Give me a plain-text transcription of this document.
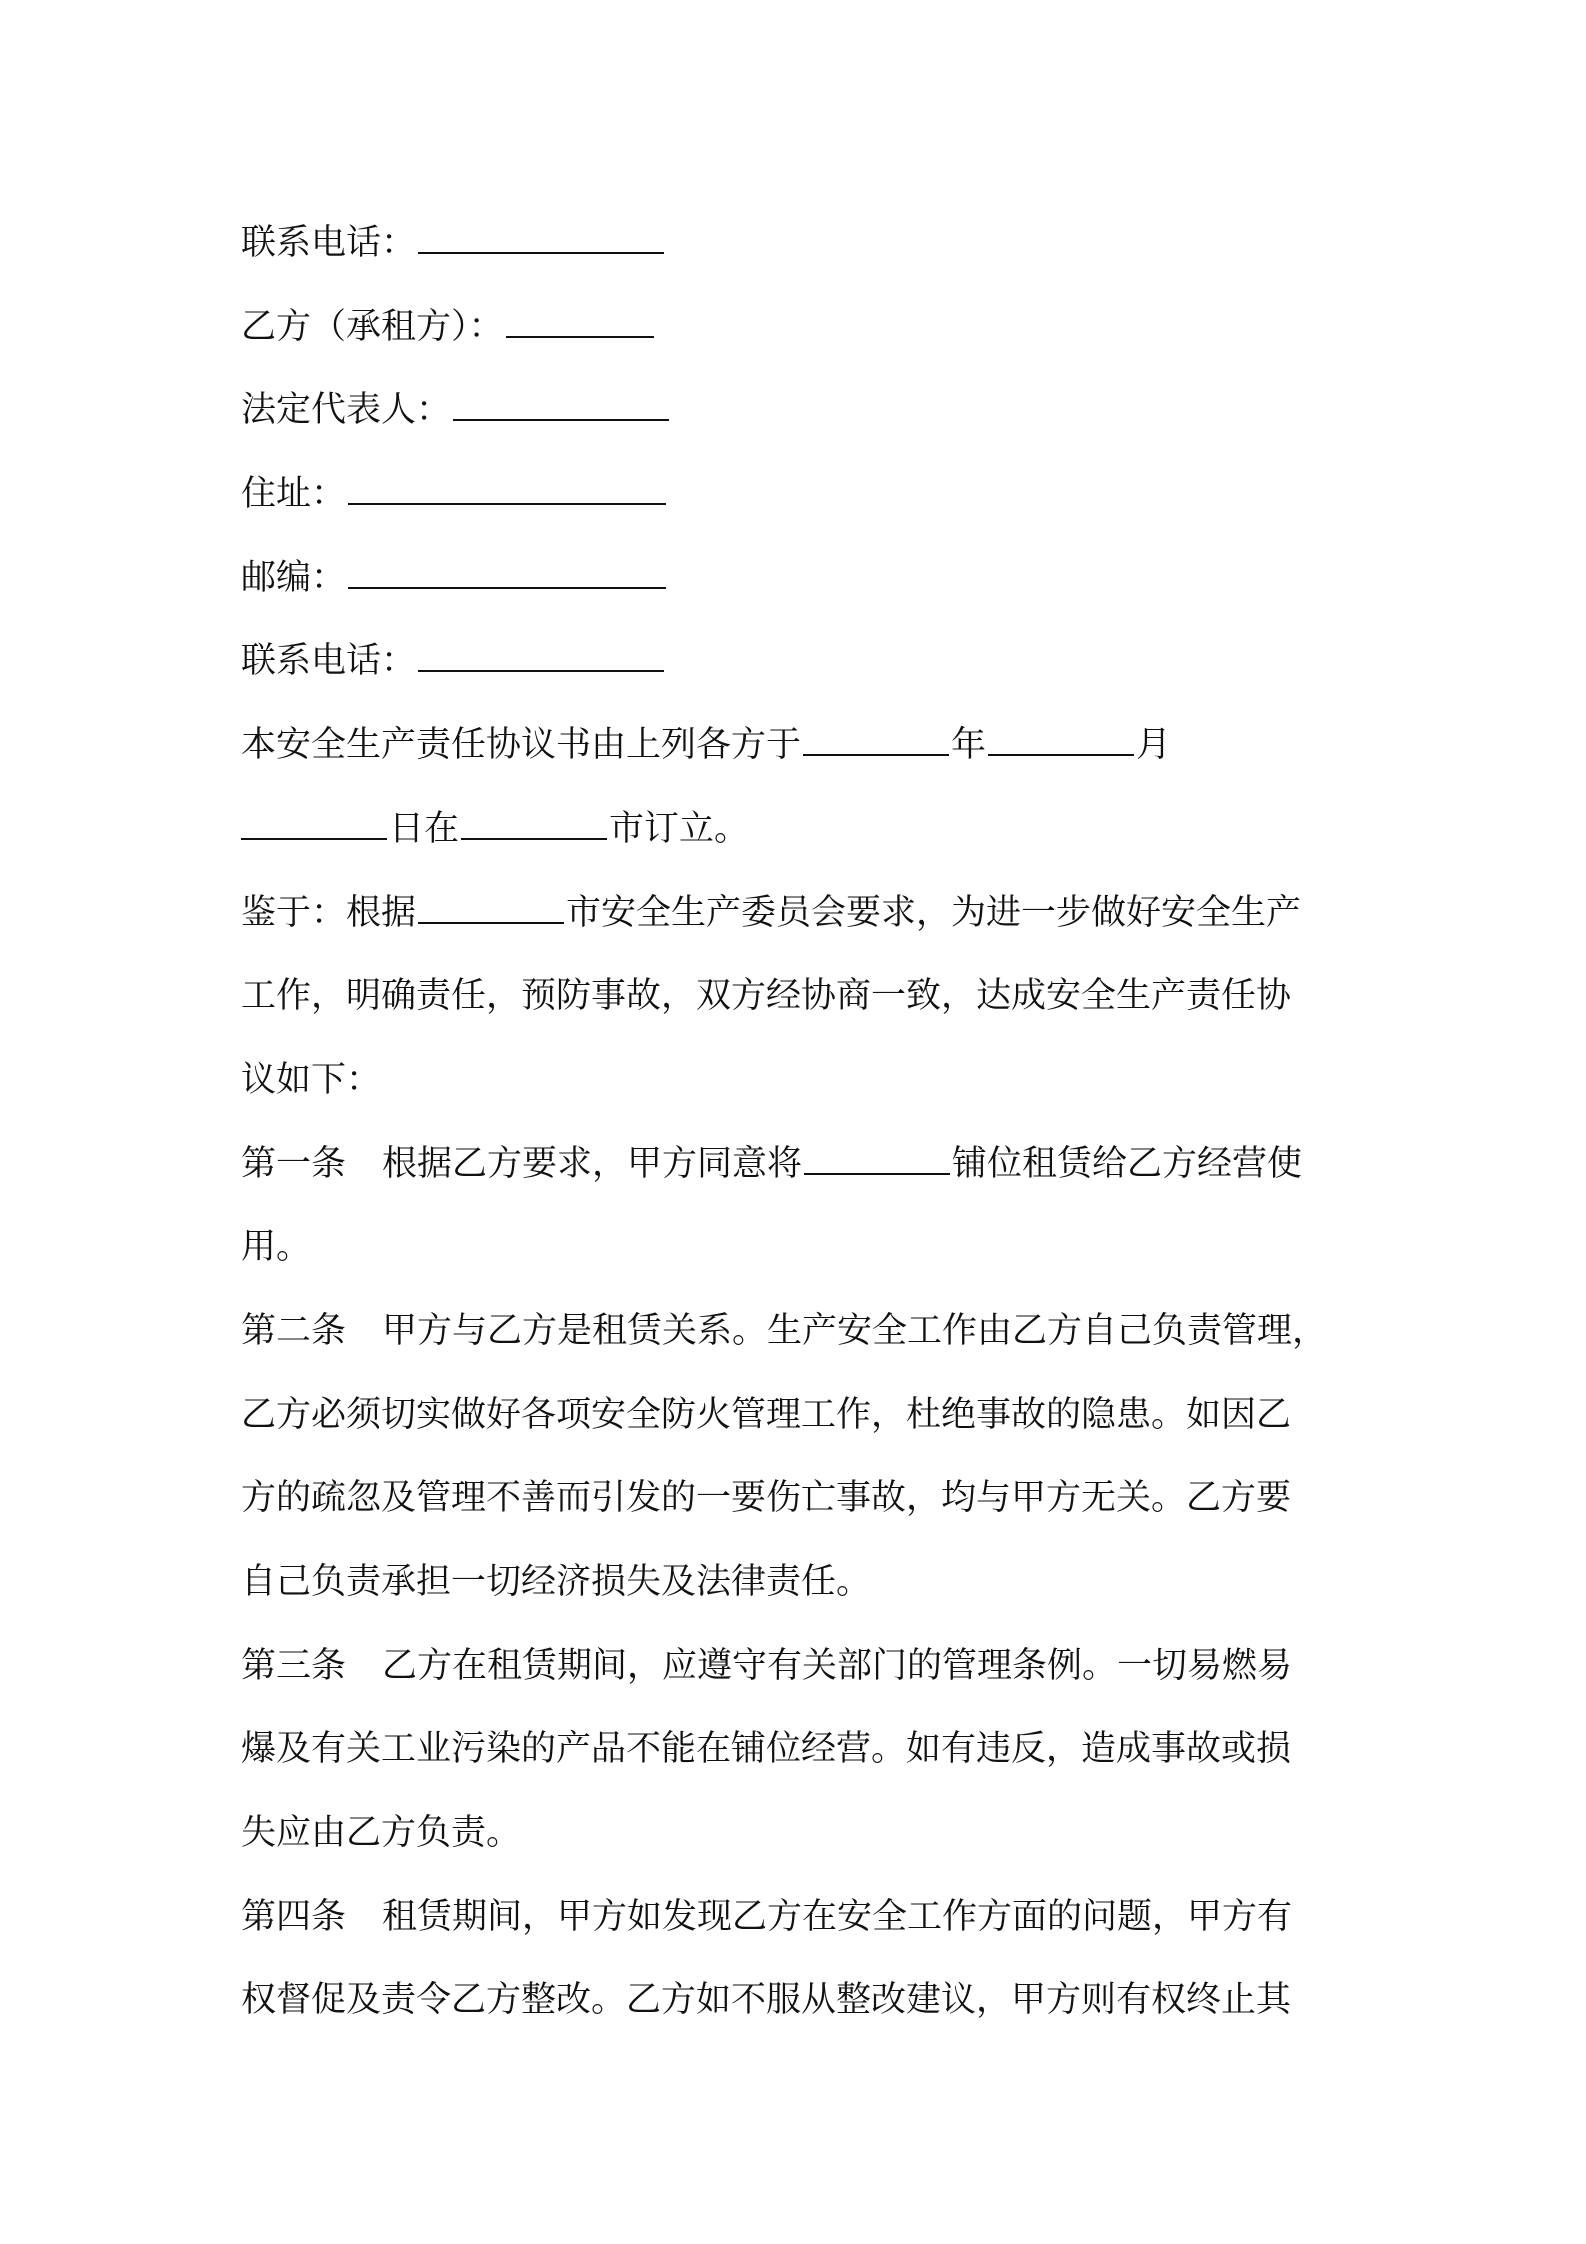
联系电话：
乙方（承租方）：
法定代表人：
住址：
邮编：
联系电话：
本安全生产责任协议书由上列各方于	年	月
日在	市订立。
鉴于：根据	市安全生产委员会要求，为进一步做好安全生产
工作，明确责任，预防事故，双方经协商一致，达成安全生产责任协
议如下：
第一条 根据乙方要求，甲方同意将	铺位租赁给乙方经营使
用。
第二条 甲方与乙方是租赁关系。生产安全工作由乙方自己负责管理，
乙方必须切实做好各项安全防火管理工作，杜绝事故的隐患。如因乙
方的疏忽及管理不善而引发的一要伤亡事故，均与甲方无关。乙方要
自己负责承担一切经济损失及法律责任。
第三条 乙方在租赁期间，应遵守有关部门的管理条例。一切易燃易
爆及有关工业污染的产品不能在铺位经营。如有违反，造成事故或损
失应由乙方负责。
第四条 租赁期间，甲方如发现乙方在安全工作方面的问题，甲方有
权督促及责令乙方整改。乙方如不服从整改建议，甲方则有权终止其
